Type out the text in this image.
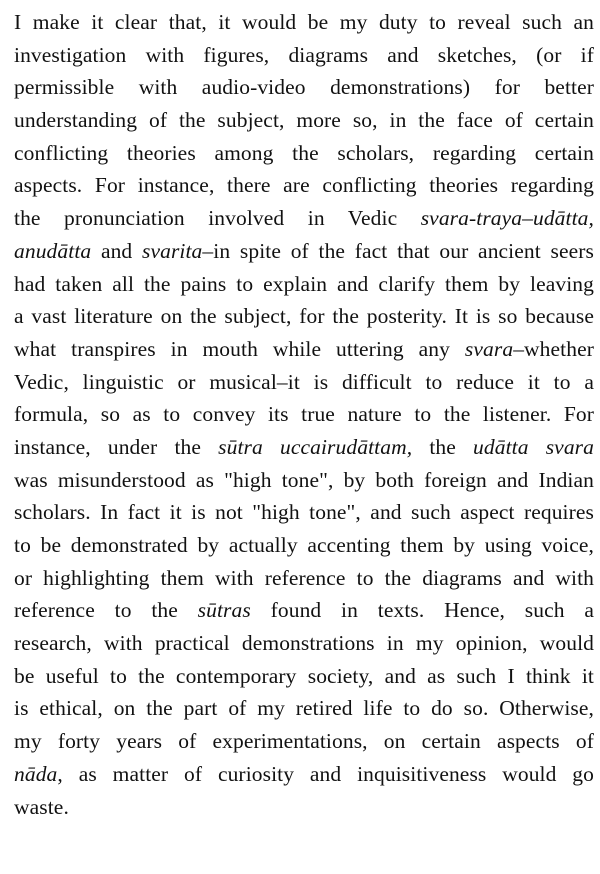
I make it clear that, it would be my duty to reveal such an
investigation with figures, diagrams and sketches, (or if
permissible with audio-video demonstrations) for better
understanding of the subject, more so, in the face of certain
conflicting theories among the scholars, regarding certain
aspects. For instance, there are conflicting theories regarding
the pronunciation involved in Vedic svara-traya–udātta,
anudātta and svarita–in spite of the fact that our ancient seers
had taken all the pains to explain and clarify them by leaving
a vast literature on the subject, for the posterity. It is so because
what transpires in mouth while uttering any svara–whether
Vedic, linguistic or musical–it is difficult to reduce it to a
formula, so as to convey its true nature to the listener. For
instance, under the sūtra uccairudāttam, the udātta svara
was misunderstood as "high tone", by both foreign and Indian
scholars. In fact it is not "high tone", and such aspect requires
to be demonstrated by actually accenting them by using voice,
or highlighting them with reference to the diagrams and with
reference to the sūtras found in texts. Hence, such a
research, with practical demonstrations in my opinion, would
be useful to the contemporary society, and as such I think it
is ethical, on the part of my retired life to do so. Otherwise,
my forty years of experimentations, on certain aspects of
nāda, as matter of curiosity and inquisitiveness would go
waste.
